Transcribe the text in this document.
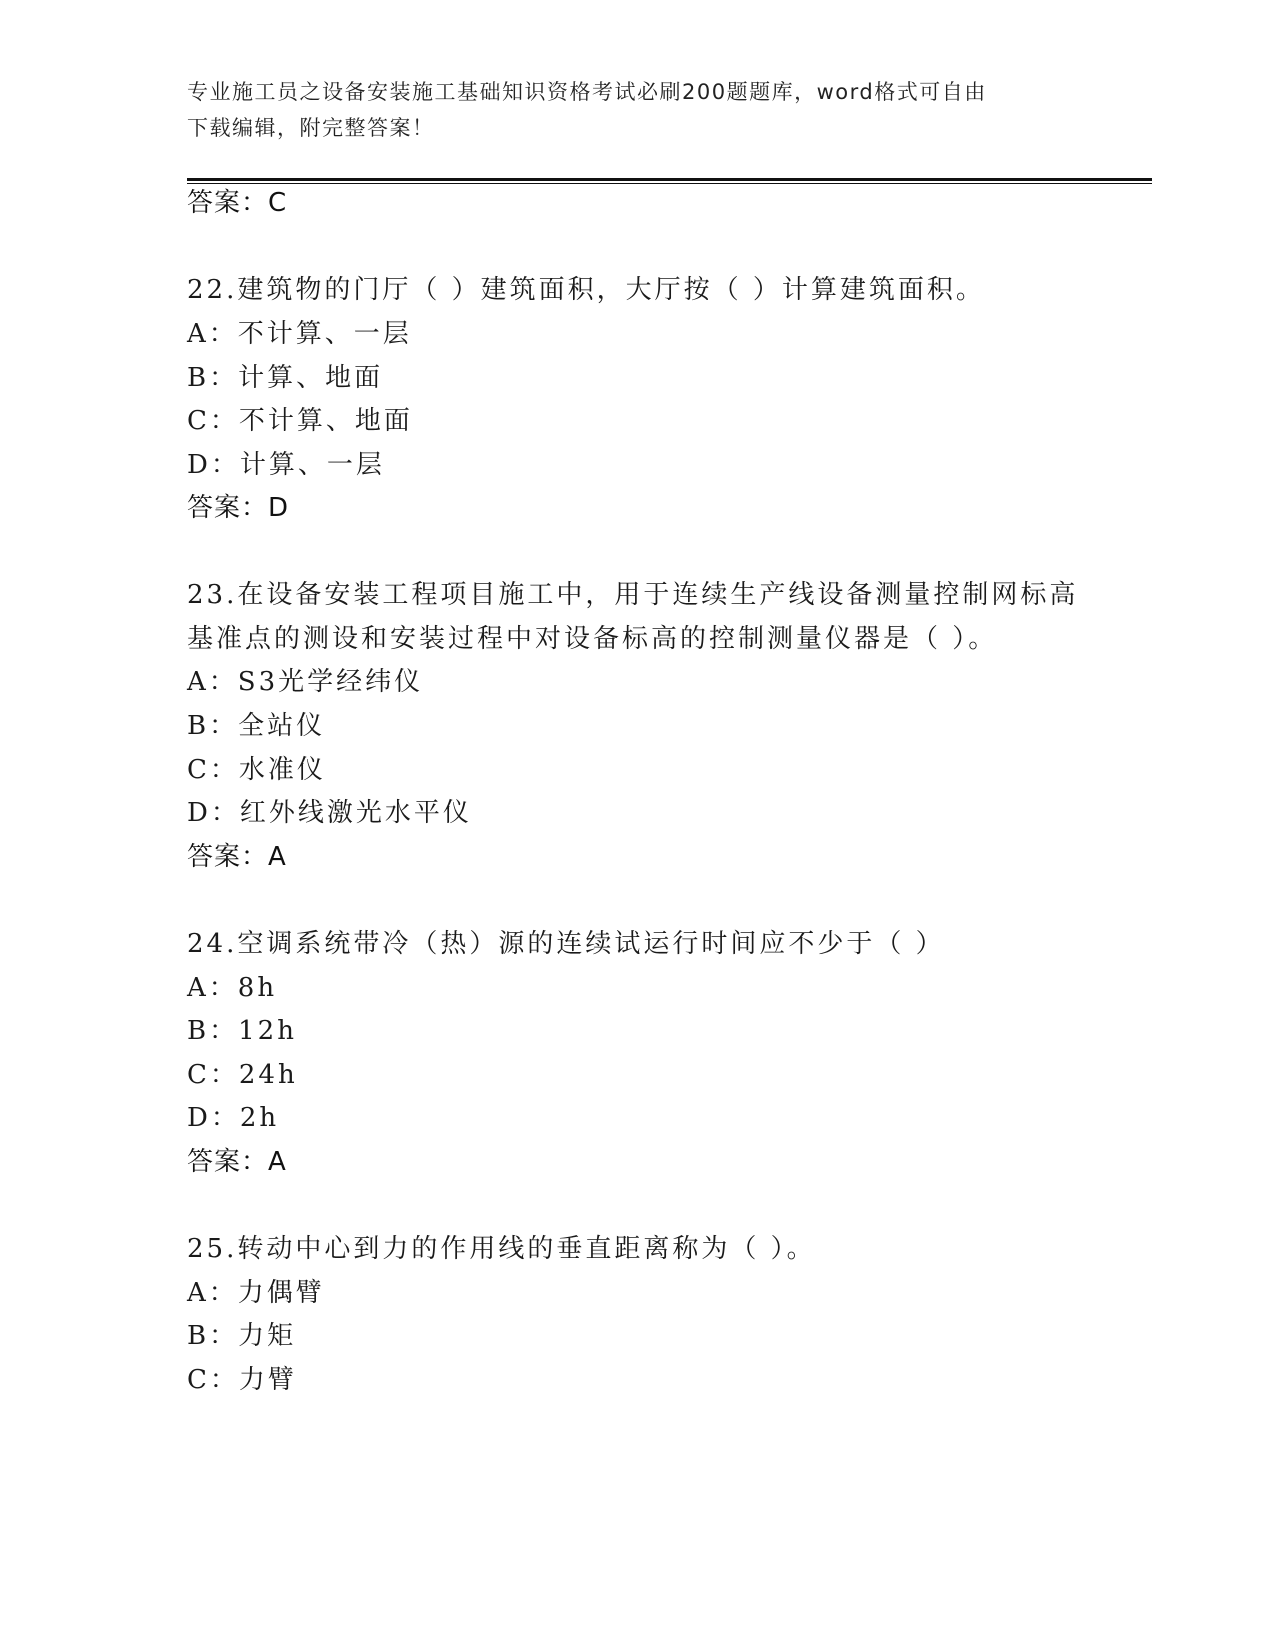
专业施工员之设备安装施工基础知识资格考试必刷200题题库，word格式可自由
下载编辑，附完整答案！
答案：C
22.建筑物的门厅（ ）建筑面积，大厅按（ ）计算建筑面积。
A：不计算、一层
B：计算、地面
C：不计算、地面
D：计算、一层
答案：D
23.在设备安装工程项目施工中，用于连续生产线设备测量控制网标高
基准点的测设和安装过程中对设备标高的控制测量仪器是（ ）。
A：S3光学经纬仪
B：全站仪
C：水准仪
D：红外线激光水平仪
答案：A
24.空调系统带冷（热）源的连续试运行时间应不少于（ ）
A：8h
B：12h
C：24h
D：2h
答案：A
25.转动中心到力的作用线的垂直距离称为（ ）。
A：力偶臂
B：力矩
C：力臂
